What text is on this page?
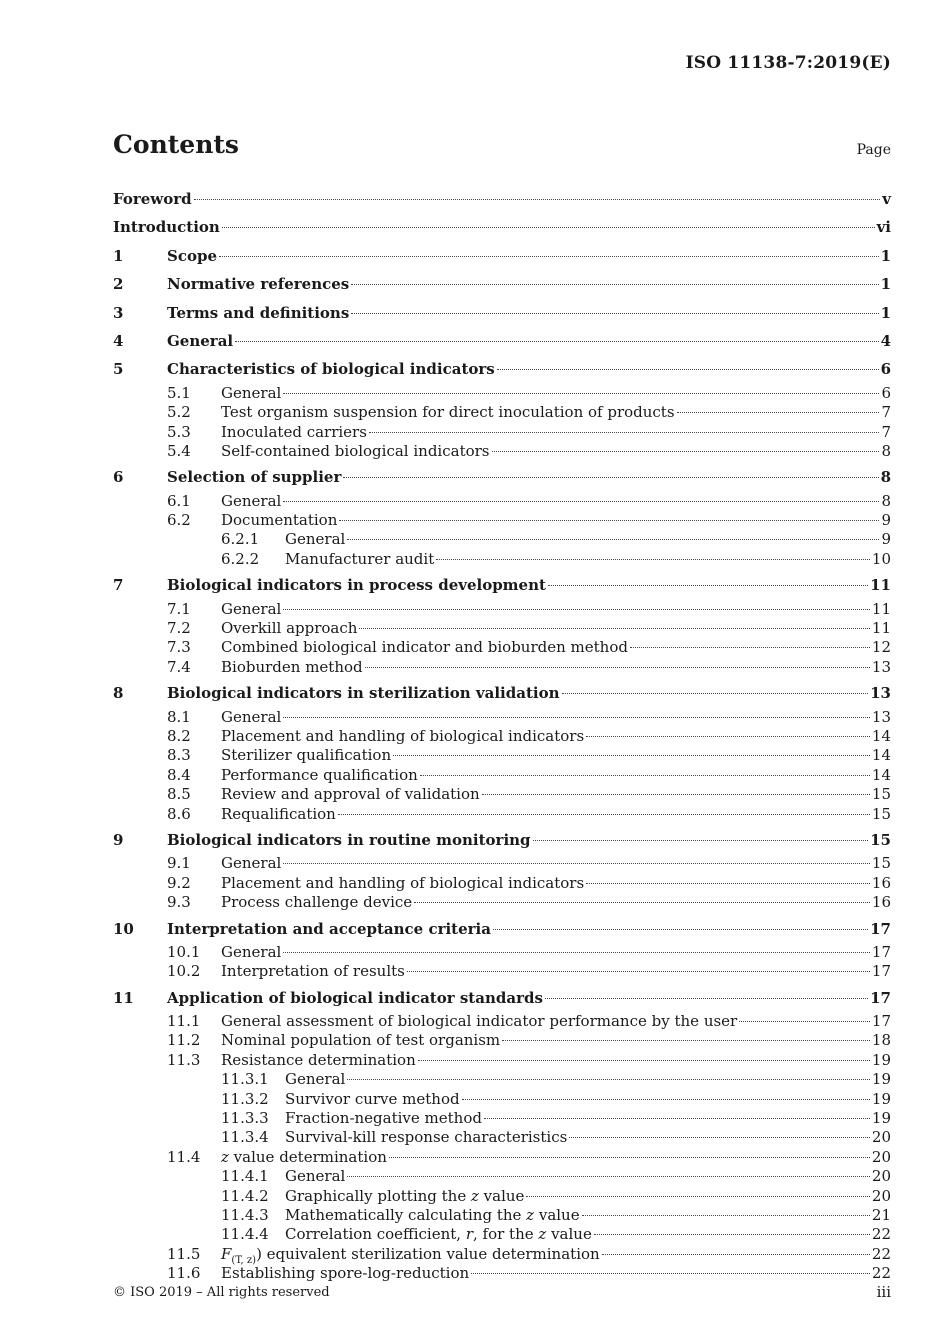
ISO 11138-7:2019(E)
Contents	Page
Foreword	v
Introduction	vi
1	Scope	1
2	Normative references	1
3	Terms and definitions	1
4	General	4
5	Characteristics of biological indicators	6
5.1 General	6
5.2 Test organism suspension for direct inoculation of products	7
5.3 Inoculated carriers	7
5.4 Self-contained biological indicators	8
6	Selection of supplier	8
6.1 General	8
6.2 Documentation	9
6.2.1 General	9
6.2.2 Manufacturer audit	10
7	Biological indicators in process development	11
7.1 General	11
7.2 Overkill approach	11
7.3 Combined biological indicator and bioburden method	12
7.4 Bioburden method	13
8	Biological indicators in sterilization validation	13
8.1 General	13
8.2 Placement and handling of biological indicators	14
8.3 Sterilizer qualification	14
8.4 Performance qualification	14
8.5 Review and approval of validation	15
8.6 Requalification	15
9	Biological indicators in routine monitoring	15
9.1 General	15
9.2 Placement and handling of biological indicators	16
9.3 Process challenge device	16
10 Interpretation and acceptance criteria	17
10.1 General	17
10.2 Interpretation of results	17
11 Application of biological indicator standards	17
11.1 General assessment of biological indicator performance by the user	17
11.2 Nominal population of test organism	18
11.3 Resistance determination	19
11.3.1 General	19
11.3.2 Survivor curve method	19
11.3.3 Fraction-negative method	19
11.3.4 Survival-kill response characteristics	20
11.4 z value determination	20
11.4.1 General	20
11.4.2 Graphically plotting the z value	20
11.4.3 Mathematically calculating the z value	21
11.4.4 Correlation coefficient, r, for the z value	22
11.5 $F_{(T, z)}$) equivalent sterilization value determination	22
11.6 Establishing spore-log-reduction	22
© ISO 2019 – All rights reserved	iii
